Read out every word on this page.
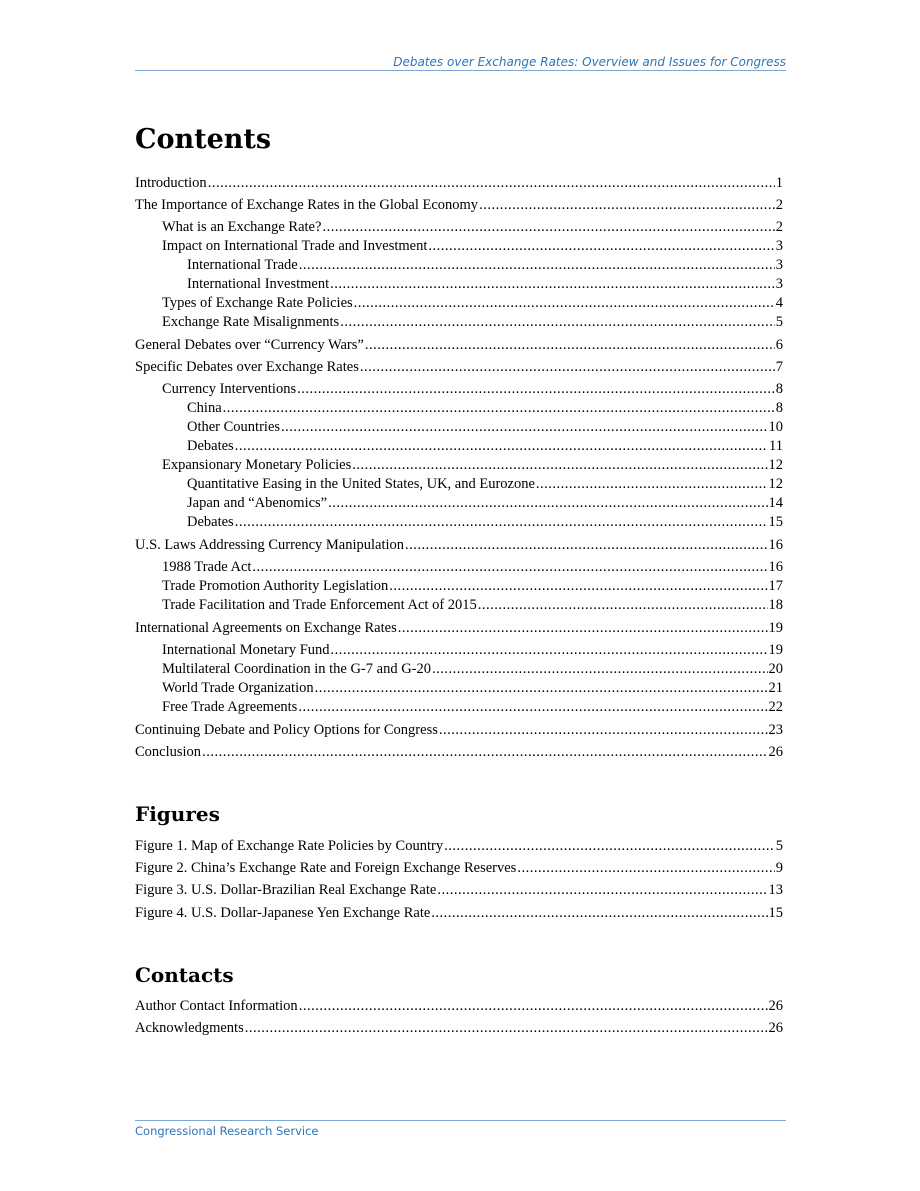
Debates over Exchange Rates: Overview and Issues for Congress
Contents
Introduction .....	1
The Importance of Exchange Rates in the Global Economy .....	2
What is an Exchange Rate? .....	2
Impact on International Trade and Investment .....	3
International Trade .....	3
International Investment .....	3
Types of Exchange Rate Policies .....	4
Exchange Rate Misalignments .....	5
General Debates over “Currency Wars” .....	6
Specific Debates over Exchange Rates .....	7
Currency Interventions .....	8
China .....	8
Other Countries .....	10
Debates .....	11
Expansionary Monetary Policies .....	12
Quantitative Easing in the United States, UK, and Eurozone .....	12
Japan and “Abenomics” .....	14
Debates .....	15
U.S. Laws Addressing Currency Manipulation .....	16
1988 Trade Act .....	16
Trade Promotion Authority Legislation .....	17
Trade Facilitation and Trade Enforcement Act of 2015 .....	18
International Agreements on Exchange Rates .....	19
International Monetary Fund .....	19
Multilateral Coordination in the G-7 and G-20 .....	20
World Trade Organization .....	21
Free Trade Agreements .....	22
Continuing Debate and Policy Options for Congress .....	23
Conclusion .....	26
Figures
Figure 1. Map of Exchange Rate Policies by Country .....	5
Figure 2. China’s Exchange Rate and Foreign Exchange Reserves .....	9
Figure 3. U.S. Dollar-Brazilian Real Exchange Rate .....	13
Figure 4. U.S. Dollar-Japanese Yen Exchange Rate .....	15
Contacts
Author Contact Information .....	26
Acknowledgments .....	26
Congressional Research Service
